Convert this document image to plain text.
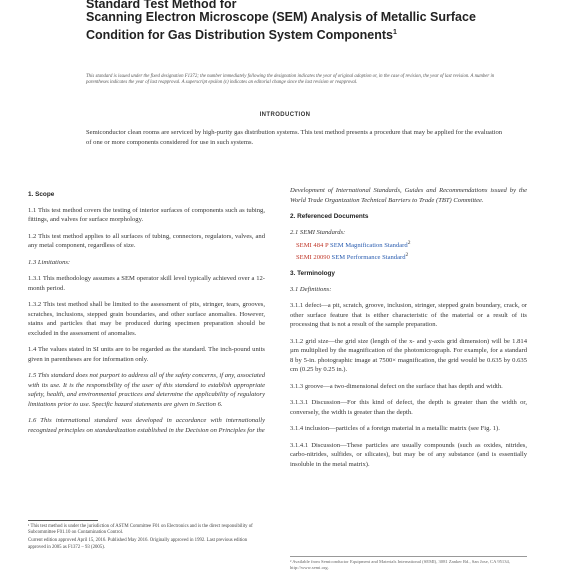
Standard Test Method for
Scanning Electron Microscope (SEM) Analysis of Metallic Surface Condition for Gas Distribution System Components$^1$
This standard is issued under the fixed designation F1372; the number immediately following the designation indicates the year of original adoption or, in the case of revision, the year of last revision. A number in parentheses indicates the year of last reapproval. A superscript epsilon (ε) indicates an editorial change since the last revision or reapproval.
INTRODUCTION
Semiconductor clean rooms are serviced by high-purity gas distribution systems. This test method presents a procedure that may be applied for the evaluation of one or more components considered for use in such systems.
1. Scope

1.1 This test method covers the testing of interior surfaces of components such as tubing, fittings, and valves for surface morphology.

1.2 This test method applies to all surfaces of tubing, connectors, regulators, valves, and any metal component, regardless of size.

1.3 Limitations:

1.3.1 This methodology assumes a SEM operator skill level typically achieved over a 12-month period.

1.3.2 This test method shall be limited to the assessment of pits, stringer, tears, grooves, scratches, inclusions, stepped grain boundaries, and other surface anomalies. However, stains and particles that may be produced during specimen preparation should be excluded in the assessment of anomalies.

1.4 The values stated in SI units are to be regarded as the standard. The inch-pound units given in parentheses are for information only.

1.5 This standard does not purport to address all of the safety concerns, if any, associated with its use. It is the responsibility of the user of this standard to establish appropriate safety, health, and environmental practices and determine the applicability of regulatory limitations prior to use. Specific hazard statements are given in Section 6.

1.6 This international standard was developed in accordance with internationally recognized principles on standardization established in the Decision on Principles for the

Development of International Standards, Guides and Recommendations issued by the World Trade Organization Technical Barriers to Trade (TBT) Committee.

2. Referenced Documents

2.1 SEMI Standards:

SEMI 484 P SEM Magnification Standard$^2$

SEMI 20090 SEM Performance Standard$^2$

3. Terminology

3.1 Definitions:

3.1.1 defect—a pit, scratch, groove, inclusion, stringer, stepped grain boundary, crack, or other surface feature that is either characteristic of the material or a result of its processing that is not a result of the sample preparation.

3.1.2 grid size—the grid size (length of the x- and y-axis grid dimension) will be 1.814 µm multiplied by the magnification of the photomicrograph. For example, for a standard 8 by 5-in. photographic image at 7500× magnification, the grid would be 0.635 by 0.635 cm (0.25 by 0.25 in.).

3.1.3 groove—a two-dimensional defect on the surface that has depth and width.

3.1.3.1 Discussion—For this kind of defect, the depth is greater than the width or, conversely, the width is greater than the depth.

3.1.4 inclusion—particles of a foreign material in a metallic matrix (see Fig. 1).

3.1.4.1 Discussion—These particles are usually compounds (such as oxides, nitrides, carbo-nitrides, sulfides, or silicates), but may be of any substance (and is essentially insoluble in the metal matrix).

¹ This test method is under the jurisdiction of ASTM Committee F01 on Electronics and is the direct responsibility of Subcommittee F01.10 on Contamination Control.

Current edition approved April 15, 2016. Published May 2016. Originally approved in 1992. Last previous edition approved in 2005 as F1372 – 93 (2005).

² Available from Semiconductor Equipment and Materials International (SEMI), 3081 Zanker Rd., San Jose, CA 95134, http://www.semi.org.
